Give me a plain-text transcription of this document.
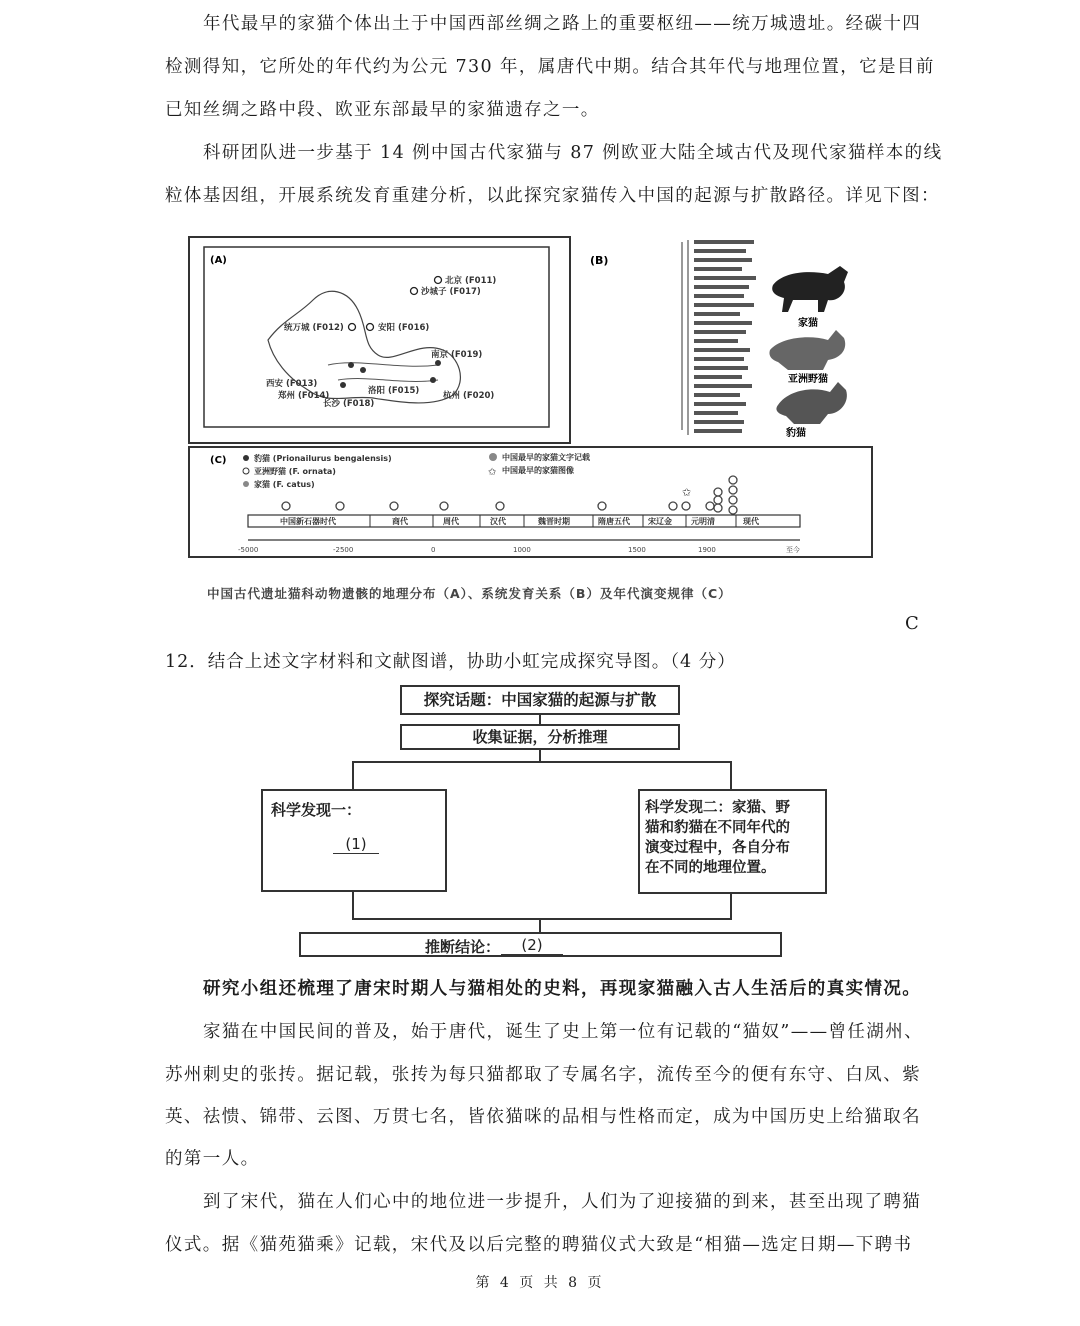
年代最早的家猫个体出土于中国西部丝绸之路上的重要枢纽——统万城遗址。经碳十四
检测得知，它所处的年代约为公元 730 年，属唐代中期。结合其年代与地理位置，它是目前
已知丝绸之路中段、欧亚东部最早的家猫遗存之一。
科研团队进一步基于 14 例中国古代家猫与 87 例欧亚大陆全域古代及现代家猫样本的线
粒体基因组，开展系统发育重建分析，以此探究家猫传入中国的起源与扩散路径。详见下图：
(A)
统万城 (F012)	安阳 (F016)
沙城子 (F017)
北京 (F011)
南京 (F019)
西安 (F013)
洛阳 (F015)
长沙 (F018)
郑州 (F014)	杭州 (F020)
(B)
家猫
亚洲野猫
豹猫
(C)	豹猫 (Prionailurus bengalensis)
亚洲野猫 (F. ornata)
家猫 (F. catus)
中国最早的家猫文字记载
✩ 中国最早的家猫图像
✩
中国新石器时代	商代	周代	汉代	魏晋时期	隋唐五代 宋辽金 元明清	现代
-5000	-2500	0	1000	1500	1900	至今
中国古代遗址猫科动物遗骸的地理分布（A）、系统发育关系（B）及年代演变规律（C）
C
12．结合上述文字材料和文献图谱，协助小虹完成探究导图。（4 分）
探究话题：中国家猫的起源与扩散
收集证据，分析推理
科学发现一：
(1)
科学发现二：家猫、野
猫和豹猫在不同年代的
演变过程中，各自分布
在不同的地理位置。
推断结论：	(2)
研究小组还梳理了唐宋时期人与猫相处的史料，再现家猫融入古人生活后的真实情况。
家猫在中国民间的普及，始于唐代，诞生了史上第一位有记载的“猫奴”——曾任湖州、
苏州刺史的张抟。据记载，张抟为每只猫都取了专属名字，流传至今的便有东守、白凤、紫
英、祛愦、锦带、云图、万贯七名，皆依猫咪的品相与性格而定，成为中国历史上给猫取名
的第一人。
到了宋代，猫在人们心中的地位进一步提升，人们为了迎接猫的到来，甚至出现了聘猫
仪式。据《猫苑猫乘》记载，宋代及以后完整的聘猫仪式大致是“相猫—选定日期—下聘书
第 4 页 共 8 页
